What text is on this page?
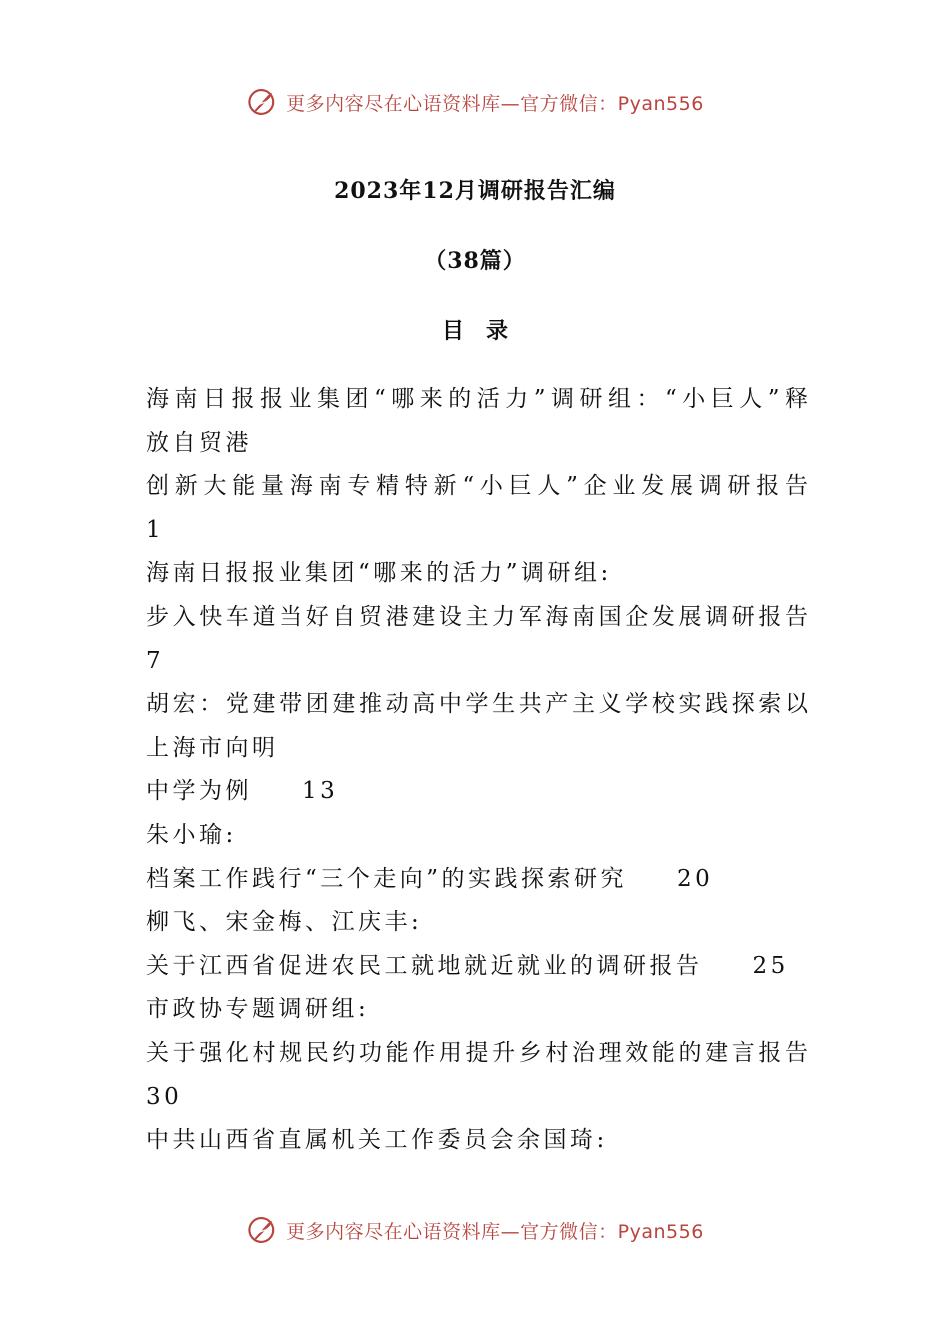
更多内容尽在心语资料库—官方微信：Pyan556
2023年12月调研报告汇编
（38篇）
目录
海南日报报业集团“哪来的活力”调研组：“小巨人”释
放自贸港
创新大能量海南专精特新“小巨人”企业发展调研报告
1
海南日报报业集团“哪来的活力”调研组:
步入快车道当好自贸港建设主力军海南国企发展调研报告
7
胡宏：党建带团建推动高中学生共产主义学校实践探索以
上海市向明
中学为例 13
朱小瑜:
档案工作践行“三个走向”的实践探索研究 20
柳飞、宋金梅、江庆丰:
关于江西省促进农民工就地就近就业的调研报告 25
市政协专题调研组:
关于强化村规民约功能作用提升乡村治理效能的建言报告
30
中共山西省直属机关工作委员会余国琦:
更多内容尽在心语资料库—官方微信：Pyan556
